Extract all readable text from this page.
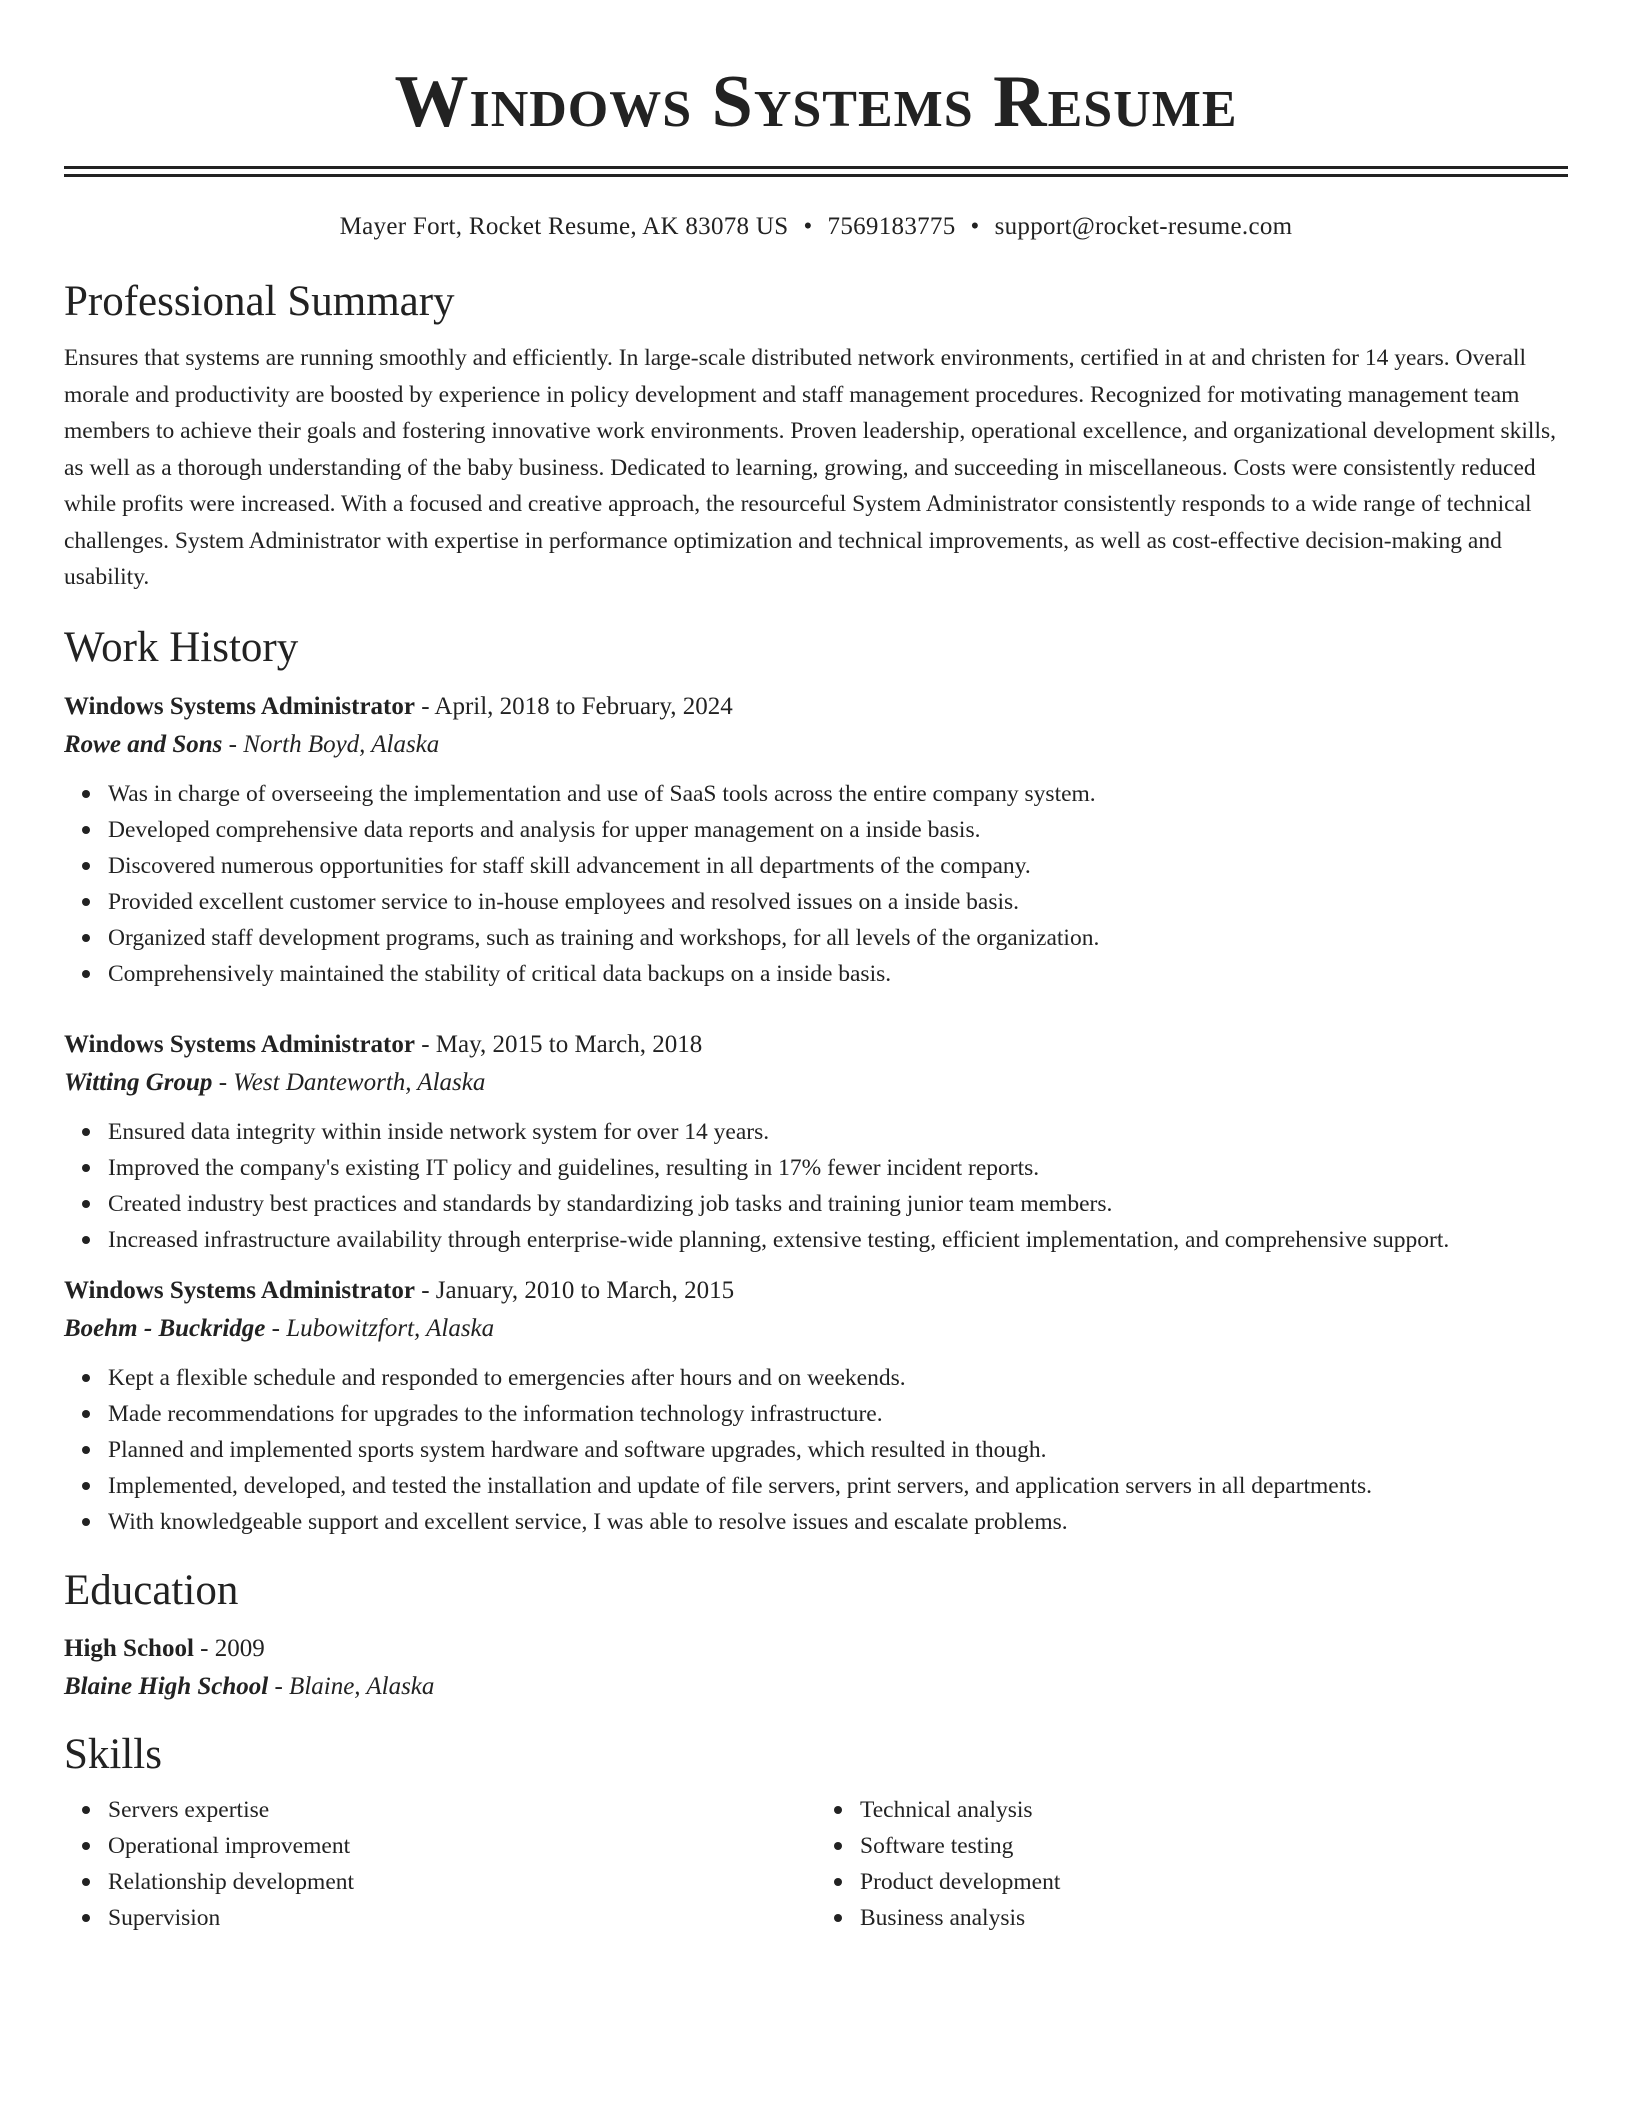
Windows Systems Resume
Mayer Fort, Rocket Resume, AK 83078 US • 7569183775 • support@rocket-resume.com
Professional Summary

Ensures that systems are running smoothly and efficiently. In large-scale distributed network environments, certified in at and christen for 14 years. Overall morale and productivity are boosted by experience in policy development and staff management procedures. Recognized for motivating management team members to achieve their goals and fostering innovative work environments. Proven leadership, operational excellence, and organizational development skills, as well as a thorough understanding of the baby business. Dedicated to learning, growing, and succeeding in miscellaneous. Costs were consistently reduced while profits were increased. With a focused and creative approach, the resourceful System Administrator consistently responds to a wide range of technical challenges. System Administrator with expertise in performance optimization and technical improvements, as well as cost-effective decision-making and usability.

Work History
Windows Systems Administrator - April, 2018 to February, 2024
Rowe and Sons - North Boyd, Alaska
Was in charge of overseeing the implementation and use of SaaS tools across the entire company system.
Developed comprehensive data reports and analysis for upper management on a inside basis.
Discovered numerous opportunities for staff skill advancement in all departments of the company.
Provided excellent customer service to in-house employees and resolved issues on a inside basis.
Organized staff development programs, such as training and workshops, for all levels of the organization.
Comprehensively maintained the stability of critical data backups on a inside basis.
Windows Systems Administrator - May, 2015 to March, 2018
Witting Group - West Danteworth, Alaska
Ensured data integrity within inside network system for over 14 years.
Improved the company's existing IT policy and guidelines, resulting in 17% fewer incident reports.
Created industry best practices and standards by standardizing job tasks and training junior team members.
Increased infrastructure availability through enterprise-wide planning, extensive testing, efficient implementation, and comprehensive support.
Windows Systems Administrator - January, 2010 to March, 2015
Boehm - Buckridge - Lubowitzfort, Alaska
Kept a flexible schedule and responded to emergencies after hours and on weekends.
Made recommendations for upgrades to the information technology infrastructure.
Planned and implemented sports system hardware and software upgrades, which resulted in though.
Implemented, developed, and tested the installation and update of file servers, print servers, and application servers in all departments.
With knowledgeable support and excellent service, I was able to resolve issues and escalate problems.
Education
High School - 2009
Blaine High School - Blaine, Alaska
Skills
Servers expertise
Operational improvement
Relationship development
Supervision
Technical analysis
Software testing
Product development
Business analysis
